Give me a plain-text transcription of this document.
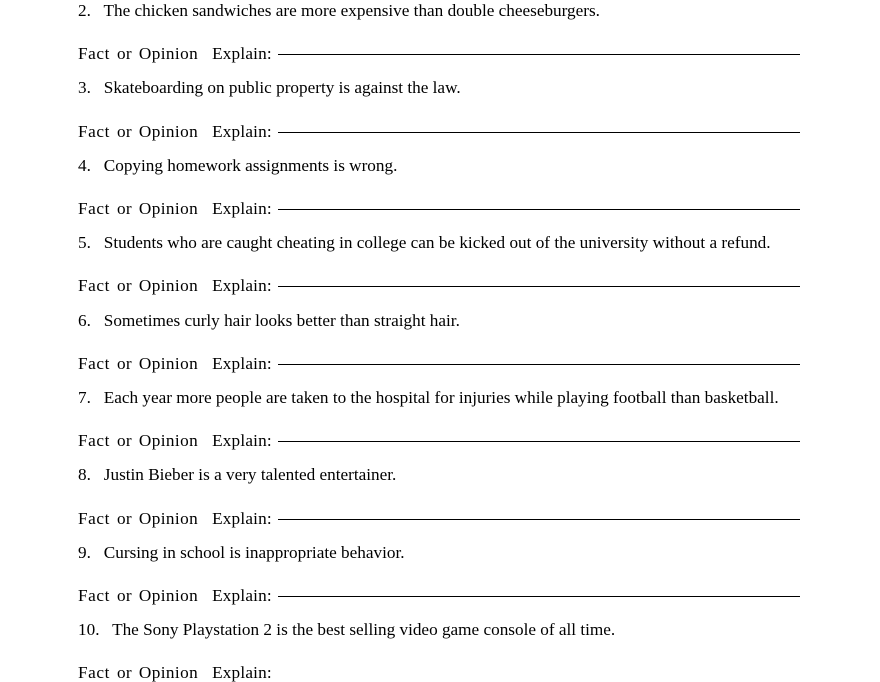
2. The chicken sandwiches are more expensive than double cheeseburgers.
Fact or Opinion Explain:
3. Skateboarding on public property is against the law.
Fact or Opinion Explain:
4. Copying homework assignments is wrong.
Fact or Opinion Explain:
5. Students who are caught cheating in college can be kicked out of the university without a refund.
Fact or Opinion Explain:
6. Sometimes curly hair looks better than straight hair.
Fact or Opinion Explain:
7. Each year more people are taken to the hospital for injuries while playing football than basketball.
Fact or Opinion Explain:
8. Justin Bieber is a very talented entertainer.
Fact or Opinion Explain:
9. Cursing in school is inappropriate behavior.
Fact or Opinion Explain:
10. The Sony Playstation 2 is the best selling video game console of all time.
Fact or Opinion Explain:
